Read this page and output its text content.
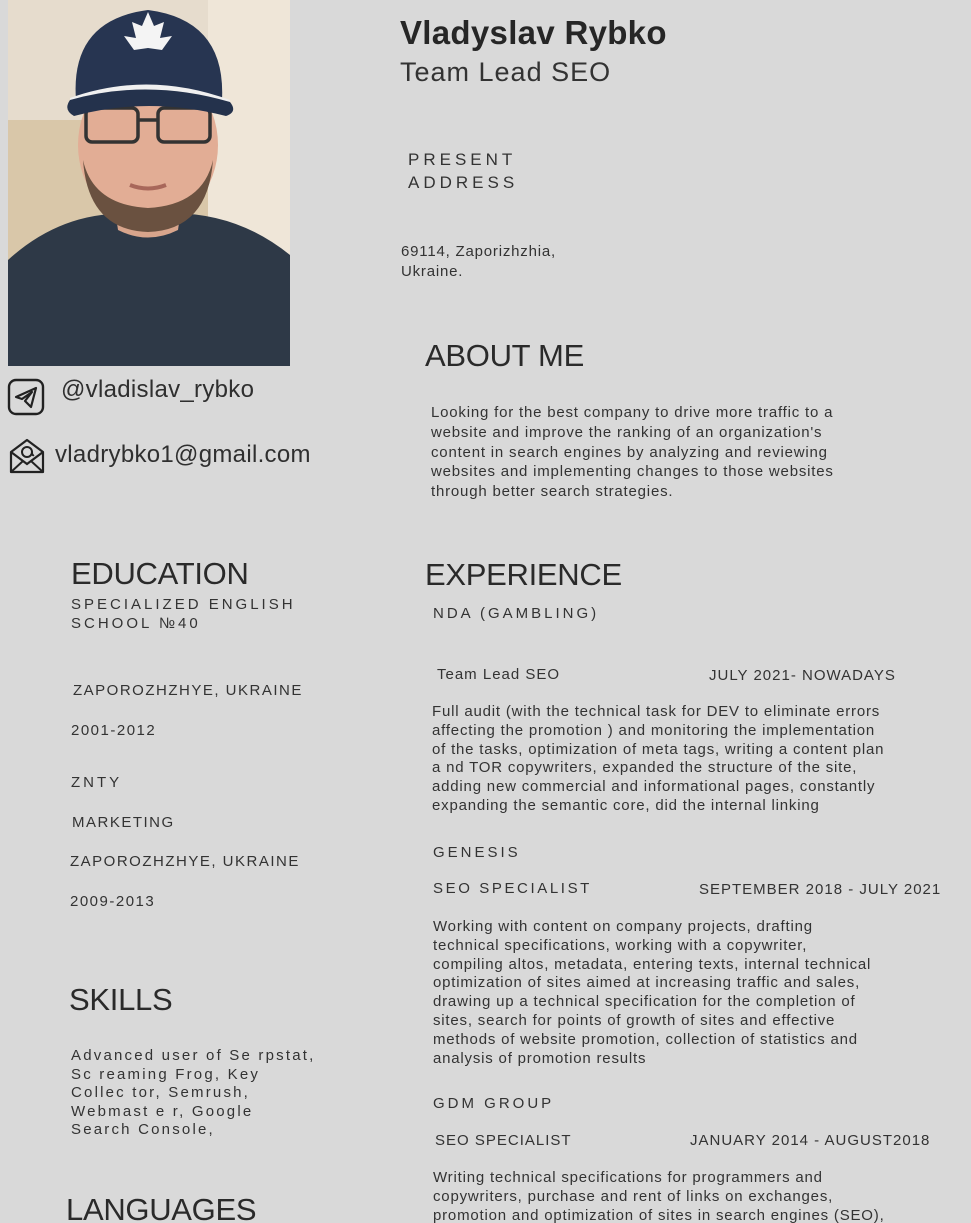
Vladyslav Rybko
Team Lead SEO
PRESENT
ADDRESS
69114, Zaporizhzhia,
Ukraine.
@vladislav_rybko
vladrybko1@gmail.com
ABOUT ME
Looking for the best company to drive more traffic to a
website and improve the ranking of an organization's
content in search engines by analyzing and reviewing
websites and implementing changes to those websites
through better search strategies.
EDUCATION
SPECIALIZED ENGLISH
SCHOOL №40
ZAPOROZHZHYE, UKRAINE
2001-2012
ZNTY
MARKETING
ZAPOROZHZHYE, UKRAINE
2009-2013
SKILLS
Advanced user of Se rpstat,
Sc reaming Frog, Key
Collec tor, Semrush,
Webmast e r, Google
Search Console,
LANGUAGES
EXPERIENCE
NDA (GAMBLING)
Team Lead SEO	JULY 2021- NOWADAYS
Full audit (with the technical task for DEV to eliminate errors
affecting the promotion ) and monitoring the implementation
of the tasks, optimization of meta tags, writing a content plan
a nd TOR copywriters, expanded the structure of the site,
adding new commercial and informational pages, constantly
expanding the semantic core, did the internal linking
GENESIS
SEO SPECIALIST	SEPTEMBER 2018 - JULY 2021
Working with content on company projects, drafting
technical specifications, working with a copywriter,
compiling altos, metadata, entering texts, internal technical
optimization of sites aimed at increasing traffic and sales,
drawing up a technical specification for the completion of
sites, search for points of growth of sites and effective
methods of website promotion, collection of statistics and
analysis of promotion results
GDM GROUP
SEO SPECIALIST	JANUARY 2014 - AUGUST2018
Writing technical specifications for programmers and
copywriters, purchase and rent of links on exchanges,
promotion and optimization of sites in search engines (SEO),
